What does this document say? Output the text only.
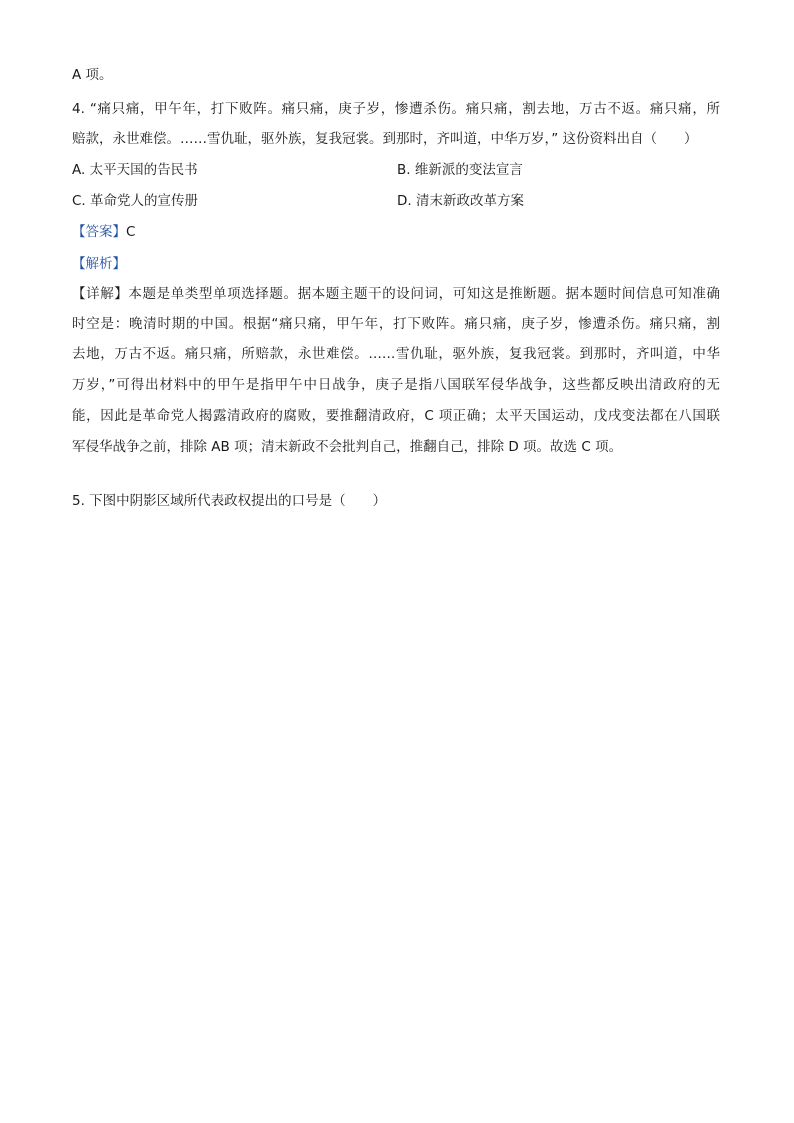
A 项。
4. “痛只痛，甲午年，打下败阵。痛只痛，庚子岁，惨遭杀伤。痛只痛，割去地，万古不返。痛只痛，所
赔款，永世难偿。……雪仇耻，驱外族，复我冠裳。到那时，齐叫道，中华万岁，” 这份资料出自（　　）
A. 太平天国的告民书	B. 维新派的变法宣言
C. 革命党人的宣传册	D. 清末新政改革方案
【答案】C
【解析】
【详解】本题是单类型单项选择题。据本题主题干的设问词，可知这是推断题。据本题时间信息可知准确
时空是：晚清时期的中国。根据“痛只痛，甲午年，打下败阵。痛只痛，庚子岁，惨遭杀伤。痛只痛，割
去地，万古不返。痛只痛，所赔款，永世难偿。……雪仇耻，驱外族，复我冠裳。到那时，齐叫道，中华
万岁，”可得出材料中的甲午是指甲午中日战争，庚子是指八国联军侵华战争，这些都反映出清政府的无
能，因此是革命党人揭露清政府的腐败，要推翻清政府，C 项正确；太平天国运动，戊戌变法都在八国联
军侵华战争之前，排除 AB 项；清末新政不会批判自己，推翻自己，排除 D 项。故选 C 项。
5. 下图中阴影区域所代表政权提出的口号是（　　）
